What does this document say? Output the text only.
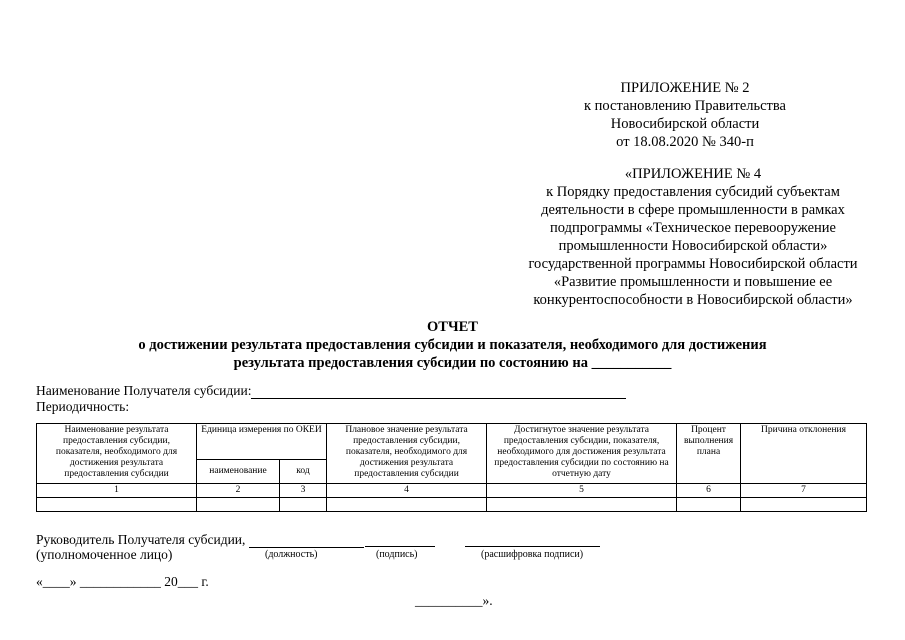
ПРИЛОЖЕНИЕ № 2
к постановлению Правительства
Новосибирской области
от 18.08.2020 № 340-п
«ПРИЛОЖЕНИЕ № 4
к Порядку предоставления субсидий субъектам
деятельности в сфере промышленности в рамках
подпрограммы «Техническое перевооружение
промышленности Новосибирской области»
государственной программы Новосибирской области
«Развитие промышленности и повышение ее
конкурентоспособности в Новосибирской области»
ОТЧЕТ
о достижении результата предоставления субсидии и показателя, необходимого для достижения
результата предоставления субсидии по состоянию на ___________
Наименование Получателя субсидии:
Периодичность:
Наименование результата предоставления субсидии, показателя, необходимого для достижения результата предоставления субсидии	Единица измерения по ОКЕИ		Плановое значение результата предоставления субсидии, показателя, необходимого для достижения результата предоставления субсидии	Достигнутое значение результата предоставления субсидии, показателя, необходимого для достижения результата предоставления субсидии по состоянию на отчетную дату	Процент выполнения плана	Причина отклонения
	наименование	код				
1	2	3	4	5	6	7

Руководитель Получателя субсидии,
(уполномоченное лицо)	(должность)	(подпись)	(расшифровка подписи)
«____» ____________ 20___ г.
__________».
